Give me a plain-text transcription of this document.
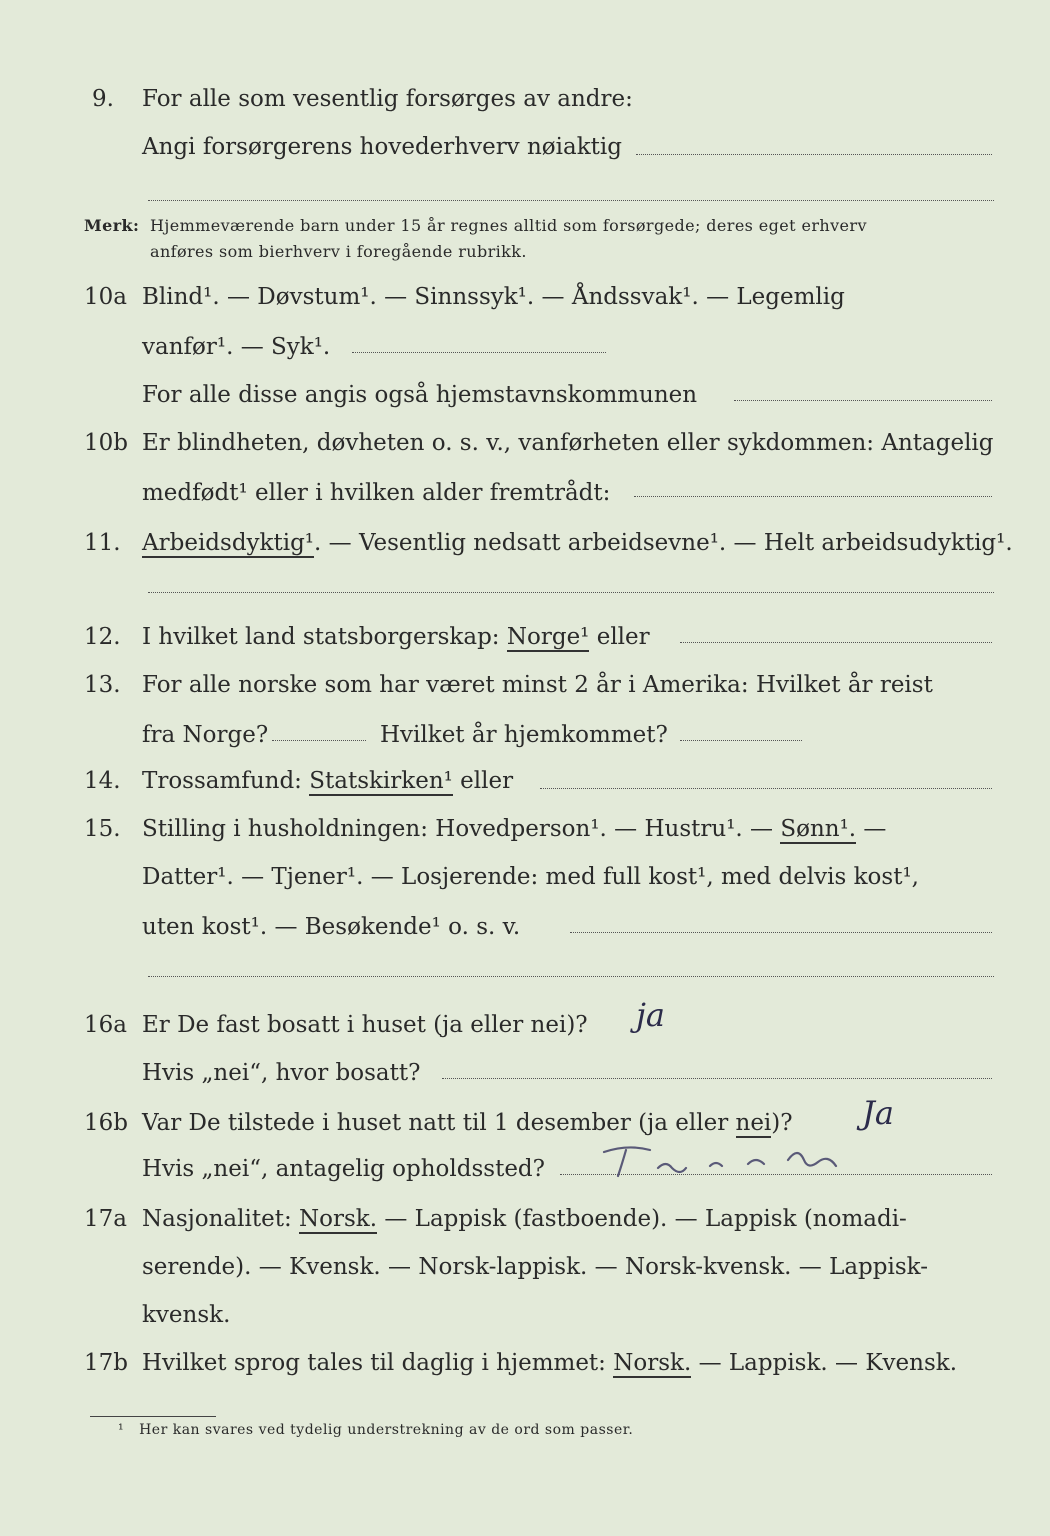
9.	For alle som vesentlig forsørges av andre:
Angi forsørgerens hovederhverv nøiaktig
Merk: Hjemmeværende barn under 15 år regnes alltid som forsørgede; deres eget erhverv
anføres som bierhverv i foregående rubrikk.
10a Blind¹. — Døvstum¹. — Sinnssyk¹. — Åndssvak¹. — Legemlig
vanfør¹. — Syk¹.
For alle disse angis også hjemstavnskommunen
10b Er blindheten, døvheten o. s. v., vanførheten eller sykdommen: Antagelig
medfødt¹ eller i hvilken alder fremtrådt:
11. Arbeidsdyktig¹. — Vesentlig nedsatt arbeidsevne¹. — Helt arbeidsudyktig¹.
12. I hvilket land statsborgerskap: Norge¹ eller
13. For alle norske som har været minst 2 år i Amerika: Hvilket år reist
fra Norge?	Hvilket år hjemkommet?
14. Trossamfund: Statskirken¹ eller
15. Stilling i husholdningen: Hovedperson¹. — Hustru¹. — Sønn¹. —
Datter¹. — Tjener¹. — Losjerende: med full kost¹, med delvis kost¹,
uten kost¹. — Besøkende¹ o. s. v.
16a Er De fast bosatt i huset (ja eller nei)? ja
Hvis „nei“, hvor bosatt?
16b Var De tilstede i huset natt til 1 desember (ja eller nei)? Ja
Hvis „nei“, antagelig opholdssted?
17a Nasjonalitet: Norsk. — Lappisk (fastboende). — Lappisk (nomadi-
serende). — Kvensk. — Norsk-lappisk. — Norsk-kvensk. — Lappisk-
kvensk.
17b Hvilket sprog tales til daglig i hjemmet: Norsk. — Lappisk. — Kvensk.
¹ Her kan svares ved tydelig understrekning av de ord som passer.
